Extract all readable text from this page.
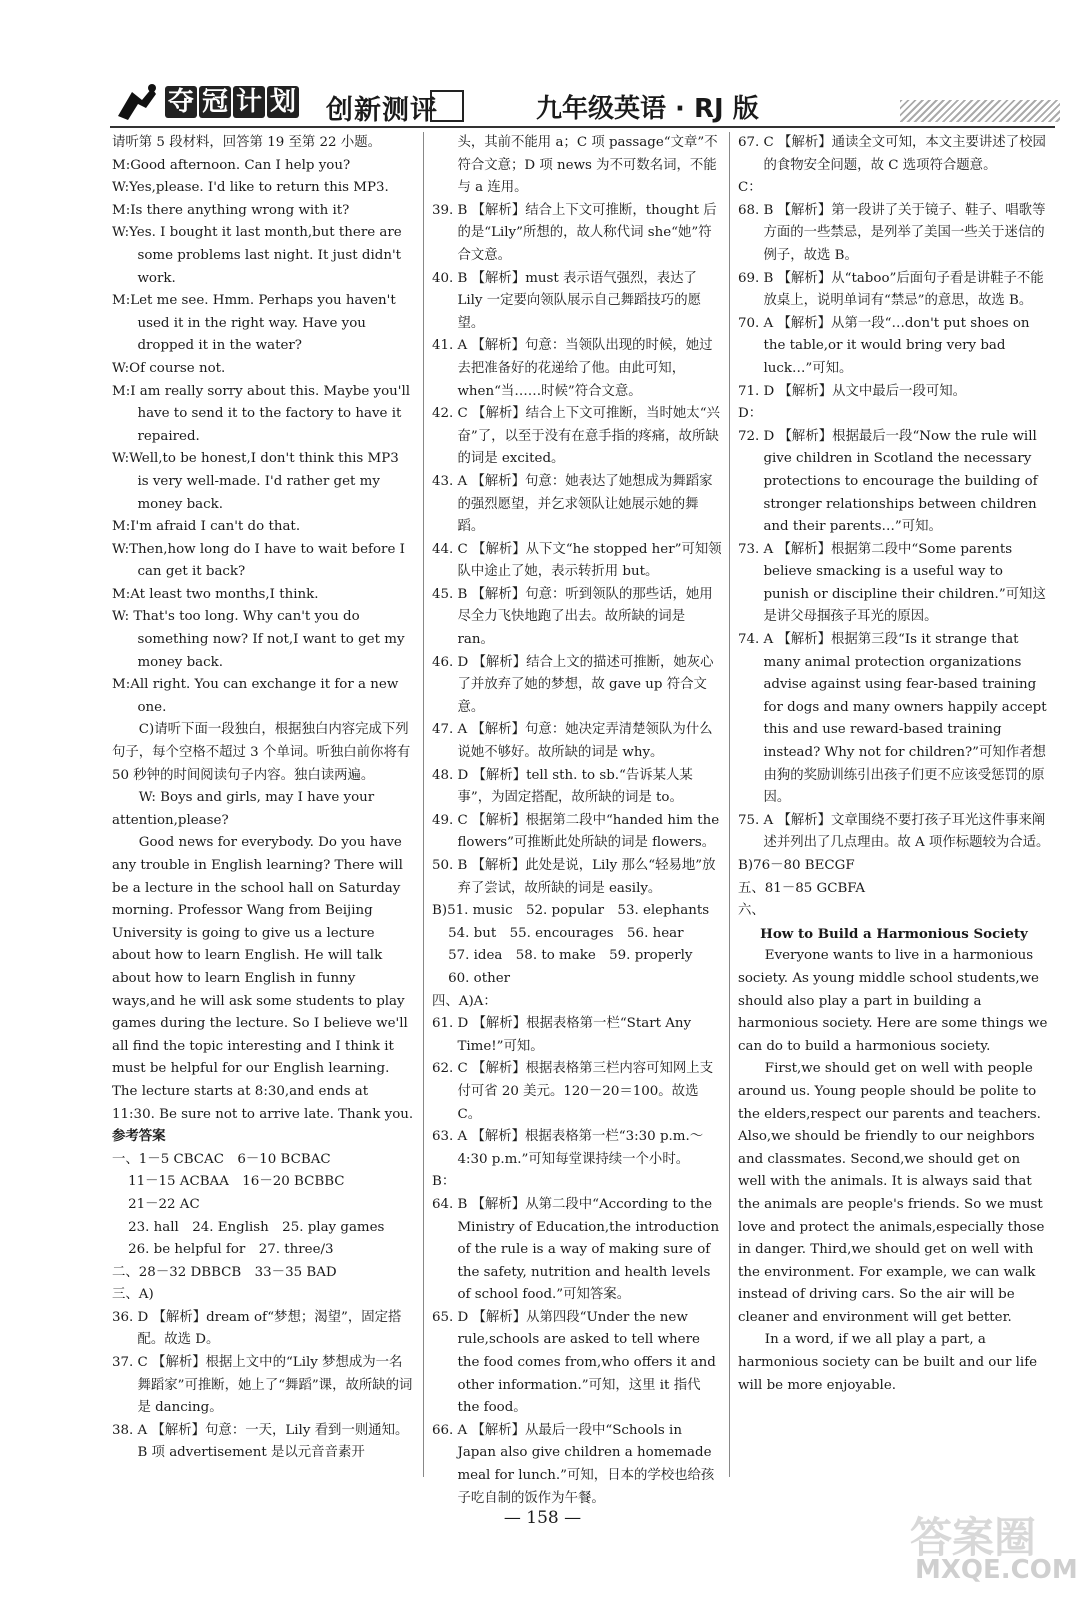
夺 冠 计 划 创新测评	九年级英语 · RJ 版

请听第 5 段材料，回答第 19 至第 22 小题。

M:Good afternoon. Can I help you?

W:Yes,please. I'd like to return this MP3.

M:Is there anything wrong with it?

W:Yes. I bought it last month,but there are some problems last night. It just didn't work.

M:Let me see. Hmm. Perhaps you haven't used it in the right way. Have you dropped it in the water?

W:Of course not.

M:I am really sorry about this. Maybe you'll have to send it to the factory to have it repaired.

W:Well,to be honest,I don't think this MP3 is very well-made. I'd rather get my money back.

M:I'm afraid I can't do that.

W:Then,how long do I have to wait before I can get it back?

M:At least two months,I think.

W: That's too long. Why can't you do something now? If not,I want to get my money back.

M:All right. You can exchange it for a new one.

C)请听下面一段独白，根据独白内容完成下列句子，每个空格不超过 3 个单词。听独白前你将有 50 秒钟的时间阅读句子内容。独白读两遍。

W: Boys and girls, may I have your attention,please?

Good news for everybody. Do you have any trouble in English learning? There will be a lecture in the school hall on Saturday morning. Professor Wang from Beijing University is going to give us a lecture about how to learn English. He will talk about how to learn English in funny ways,and he will ask some students to play games during the lecture. So I believe we'll all find the topic interesting and I think it must be helpful for our English learning. The lecture starts at 8:30,and ends at 11:30. Be sure not to arrive late. Thank you.

参考答案

一、1－5 CBCAC　6－10 BCBAC

11－15 ACBAA　16－20 BCBBC

21－22 AC

23. hall　24. English　25. play games

26. be helpful for　27. three/3

二、28－32 DBBCB　33－35 BAD

三、A)

36. D 【解析】dream of“梦想；渴望”，固定搭配。故选 D。

37. C 【解析】根据上文中的“Lily 梦想成为一名舞蹈家”可推断，她上了“舞蹈”课，故所缺的词是 dancing。

38. A 【解析】句意：一天，Lily 看到一则通知。B 项 advertisement 是以元音音素开

头，其前不能用 a；C 项 passage“文章”不符合文意；D 项 news 为不可数名词，不能与 a 连用。

39. B 【解析】结合上下文可推断，thought 后的是“Lily”所想的，故人称代词 she“她”符合文意。

40. B 【解析】must 表示语气强烈，表达了 Lily 一定要向领队展示自己舞蹈技巧的愿望。

41. A 【解析】句意：当领队出现的时候，她过去把准备好的花递给了他。由此可知，when“当……时候”符合文意。

42. C 【解析】结合上下文可推断，当时她太“兴奋”了，以至于没有在意手指的疼痛，故所缺的词是 excited。

43. A 【解析】句意：她表达了她想成为舞蹈家的强烈愿望，并乞求领队让她展示她的舞蹈。

44. C 【解析】从下文“he stopped her”可知领队中途止了她，表示转折用 but。

45. B 【解析】句意：听到领队的那些话，她用尽全力飞快地跑了出去。故所缺的词是 ran。

46. D 【解析】结合上文的描述可推断，她灰心了并放弃了她的梦想，故 gave up 符合文意。

47. A 【解析】句意：她决定弄清楚领队为什么说她不够好。故所缺的词是 why。

48. D 【解析】tell sth. to sb.“告诉某人某事”，为固定搭配，故所缺的词是 to。

49. C 【解析】根据第二段中“handed him the flowers”可推断此处所缺的词是 flowers。

50. B 【解析】此处是说，Lily 那么“轻易地”放弃了尝试，故所缺的词是 easily。

B)51. music　52. popular　53. elephants

54. but　55. encourages　56. hear

57. idea　58. to make　59. properly

60. other

四、A)A：

61. D 【解析】根据表格第一栏“Start Any Time!”可知。

62. C 【解析】根据表格第三栏内容可知网上支付可省 20 美元。120－20＝100。故选 C。

63. A 【解析】根据表格第一栏“3:30 p.m.～4:30 p.m.”可知每堂课持续一个小时。

B：

64. B 【解析】从第二段中“According to the Ministry of Education,the introduction of the rule is a way of making sure of the safety, nutrition and health levels of school food.”可知答案。

65. D 【解析】从第四段“Under the new rule,schools are asked to tell where the food comes from,who offers it and other information.”可知，这里 it 指代 the food。

66. A 【解析】从最后一段中“Schools in Japan also give children a homemade meal for lunch.”可知，日本的学校也给孩子吃自制的饭作为午餐。

67. C 【解析】通读全文可知，本文主要讲述了校园的食物安全问题，故 C 选项符合题意。

C：

68. B 【解析】第一段讲了关于镜子、鞋子、唱歌等方面的一些禁忌，是列举了美国一些关于迷信的例子，故选 B。

69. B 【解析】从“taboo”后面句子看是讲鞋子不能放桌上，说明单词有“禁忌”的意思，故选 B。

70. A 【解析】从第一段“…don't put shoes on the table,or it would bring very bad luck…”可知。

71. D 【解析】从文中最后一段可知。

D：

72. D 【解析】根据最后一段“Now the rule will give children in Scotland the necessary protections to encourage the building of stronger relationships between children and their parents…”可知。

73. A 【解析】根据第二段中“Some parents believe smacking is a useful way to punish or discipline their children.”可知这是讲父母掴孩子耳光的原因。

74. A 【解析】根据第三段“Is it strange that many animal protection organizations advise against using fear-based training for dogs and many owners happily accept this and use reward-based training instead? Why not for children?”可知作者想由狗的奖励训练引出孩子们更不应该受惩罚的原因。

75. A 【解析】文章围绕不要打孩子耳光这件事来阐述并列出了几点理由。故 A 项作标题较为合适。

B)76－80 BECGF

五、81－85 GCBFA

六、

How to Build a Harmonious Society

Everyone wants to live in a harmonious society. As young middle school students,we should also play a part in building a harmonious society. Here are some things we can do to build a harmonious society.

First,we should get on well with people around us. Young people should be polite to the elders,respect our parents and teachers. Also,we should be friendly to our neighbors and classmates. Second,we should get on well with the animals. It is always said that the animals are people's friends. So we must love and protect the animals,especially those in danger. Third,we should get on well with the environment. For example, we can walk instead of driving cars. So the air will be cleaner and environment will get better.

In a word, if we all play a part, a harmonious society can be built and our life will be more enjoyable.

— 158 —	答案圈
MXQE.COM
